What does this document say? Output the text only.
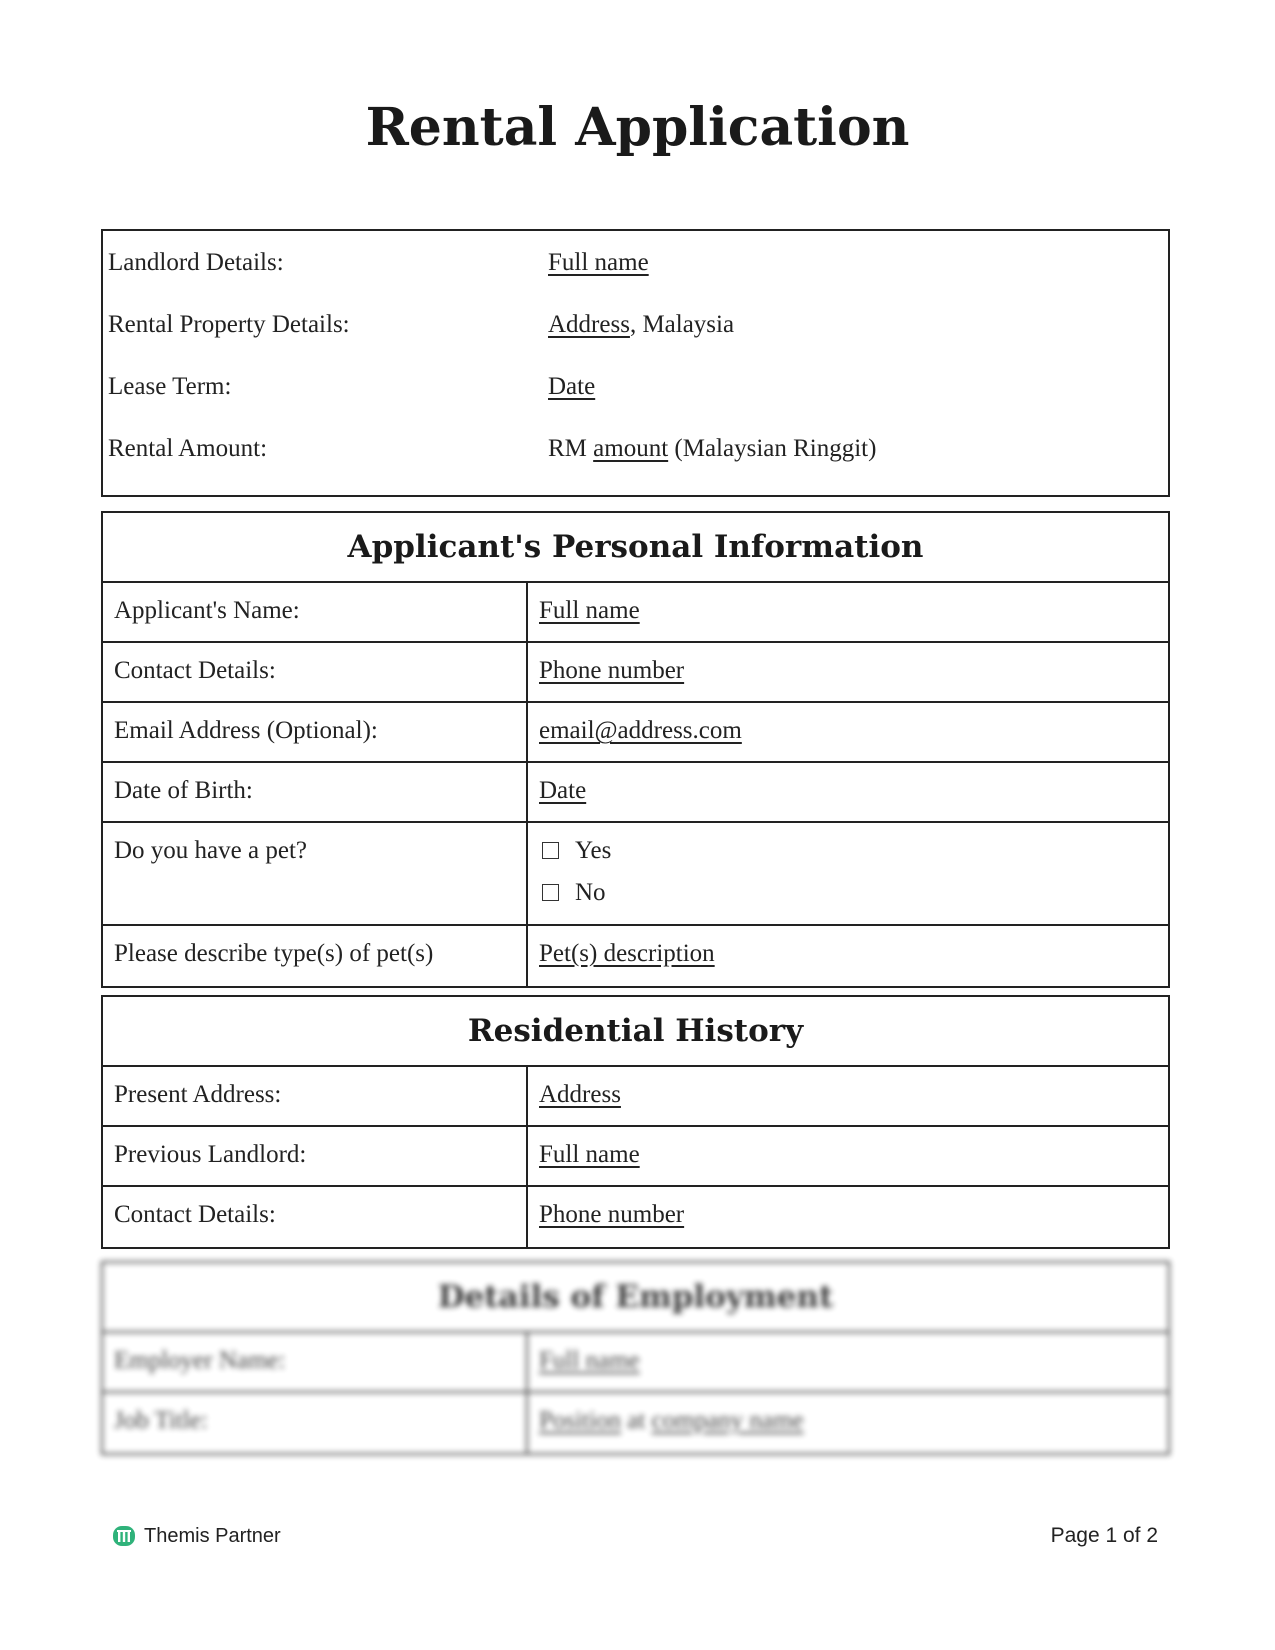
Rental Application
Landlord Details:	Full name
Rental Property Details:	Address, Malaysia
Lease Term:	Date
Rental Amount:	RM amount (Malaysian Ringgit)
Applicant's Personal Information
Applicant's Name:	Full name
Contact Details:	Phone number
Email Address (Optional):	email@address.com
Date of Birth:	Date
Do you have a pet?	Yes
No
Please describe type(s) of pet(s)	Pet(s) description
Residential History
Present Address:	Address
Previous Landlord:	Full name
Contact Details:	Phone number
Details of Employment
Employer Name:	Full name
Job Title:	Position at company name
Themis Partner	Page 1 of 2
